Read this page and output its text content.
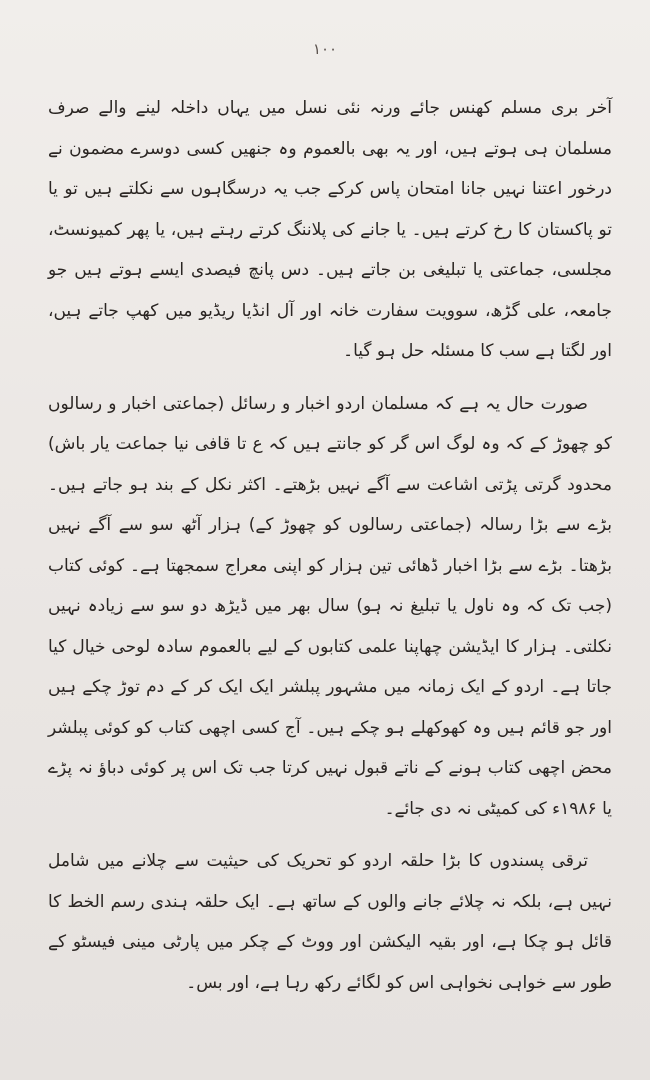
۱۰۰

آخر بری مسلم کھنس جائے ورنہ نئی نسل میں یہاں داخلہ لینے والے صرف مسلمان ہی ہوتے ہیں، اور یہ بھی بالعموم وہ جنھیں کسی دوسرے مضمون نے درخور اعتنا نہیں جانا امتحان پاس کرکے جب یہ درسگاہوں سے نکلتے ہیں تو یا تو پاکستان کا رخ کرتے ہیں۔ یا جانے کی پلاننگ کرتے رہتے ہیں، یا پھر کمیونسٹ، مجلسی، جماعتی یا تبلیغی بن جاتے ہیں۔ دس پانچ فیصدی ایسے ہوتے ہیں جو جامعہ، علی گڑھ، سوویت سفارت خانہ اور آل انڈیا ریڈیو میں کھپ جاتے ہیں، اور لگتا ہے سب کا مسئلہ حل ہو گیا۔

صورت حال یہ ہے کہ مسلمان اردو اخبار و رسائل (جماعتی اخبار و رسالوں کو چھوڑ کے کہ وہ لوگ اس گر کو جانتے ہیں کہ ع تا قافی نیا جماعت یار باش) محدود گرتی پڑتی اشاعت سے آگے نہیں بڑھتے۔ اکثر نکل کے بند ہو جاتے ہیں۔ بڑے سے بڑا رسالہ (جماعتی رسالوں کو چھوڑ کے) ہزار آٹھ سو سے آگے نہیں بڑھتا۔ بڑے سے بڑا اخبار ڈھائی تین ہزار کو اپنی معراج سمجھتا ہے۔ کوئی کتاب (جب تک کہ وہ ناول یا تبلیغ نہ ہو) سال بھر میں ڈیڑھ دو سو سے زیادہ نہیں نکلتی۔ ہزار کا ایڈیشن چھاپنا علمی کتابوں کے لیے بالعموم سادہ لوحی خیال کیا جاتا ہے۔ اردو کے ایک زمانہ میں مشہور پبلشر ایک ایک کر کے دم توڑ چکے ہیں اور جو قائم ہیں وہ کھوکھلے ہو چکے ہیں۔ آج کسی اچھی کتاب کو کوئی پبلشر محض اچھی کتاب ہونے کے ناتے قبول نہیں کرتا جب تک اس پر کوئی دباؤ نہ پڑے یا ۱۹۸۶ء کی کمیٹی نہ دی جائے۔

ترقی پسندوں کا بڑا حلقہ اردو کو تحریک کی حیثیت سے چلانے میں شامل نہیں ہے، بلکہ نہ چلائے جانے والوں کے ساتھ ہے۔ ایک حلقہ ہندی رسم الخط کا قائل ہو چکا ہے، اور بقیہ الیکشن اور ووٹ کے چکر میں پارٹی مینی فیسٹو کے طور سے خواہی نخواہی اس کو لگائے رکھ رہا ہے، اور بس۔
